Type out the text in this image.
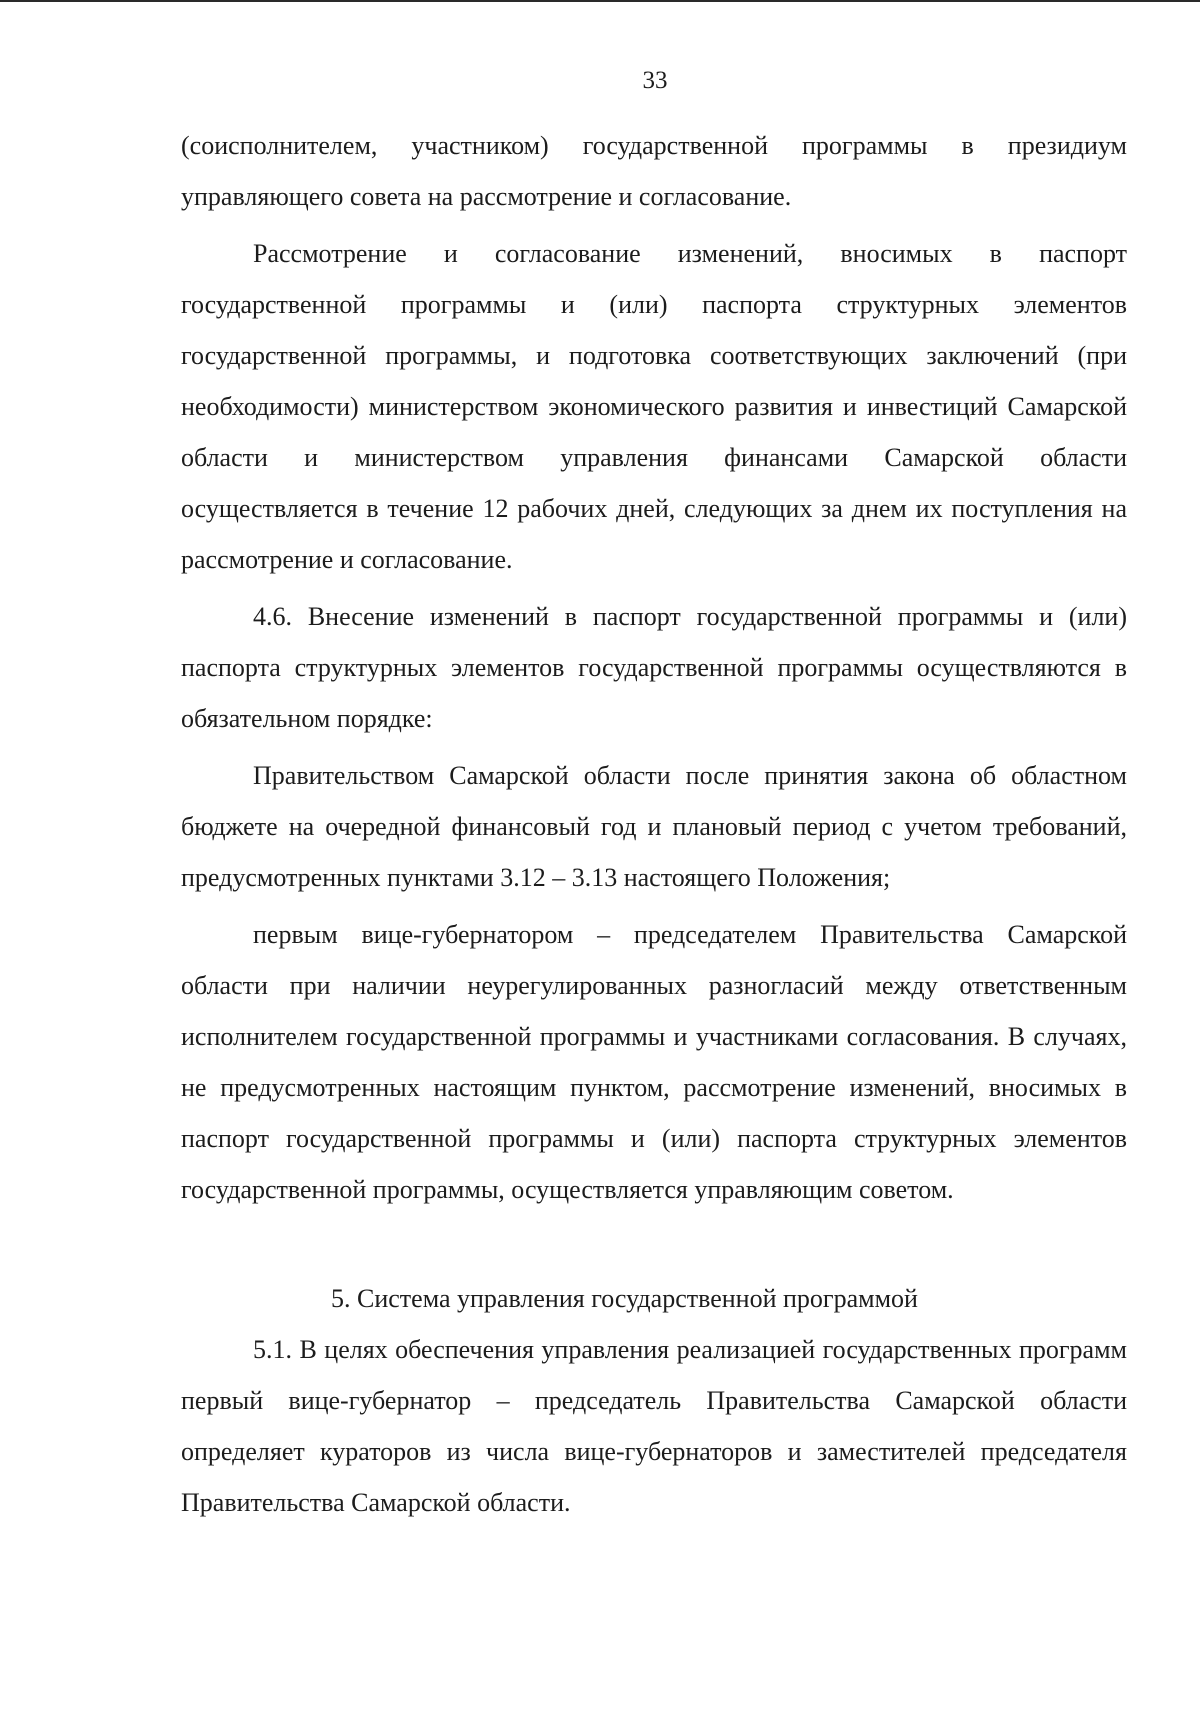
33

(соисполнителем, участником) государственной программы в президиум управляющего совета на рассмотрение и согласование.

Рассмотрение и согласование изменений, вносимых в паспорт государственной программы и (или) паспорта структурных элементов государственной программы, и подготовка соответствующих заключений (при необходимости) министерством экономического развития и инвестиций Самарской области и министерством управления финансами Самарской области осуществляется в течение 12 рабочих дней, следующих за днем их поступления на рассмотрение и согласование.

4.6. Внесение изменений в паспорт государственной программы и (или) паспорта структурных элементов государственной программы осуществляются в обязательном порядке:

Правительством Самарской области после принятия закона об областном бюджете на очередной финансовый год и плановый период с учетом требований, предусмотренных пунктами 3.12 – 3.13 настоящего Положения;

первым вице-губернатором – председателем Правительства Самарской области при наличии неурегулированных разногласий между ответственным исполнителем государственной программы и участниками согласования. В случаях, не предусмотренных настоящим пунктом, рассмотрение изменений, вносимых в паспорт государственной программы и (или) паспорта структурных элементов государственной программы, осуществляется управляющим советом.

5. Система управления государственной программой

5.1. В целях обеспечения управления реализацией государственных программ первый вице-губернатор – председатель Правительства Самарской области определяет кураторов из числа вице-губернаторов и заместителей председателя Правительства Самарской области.
